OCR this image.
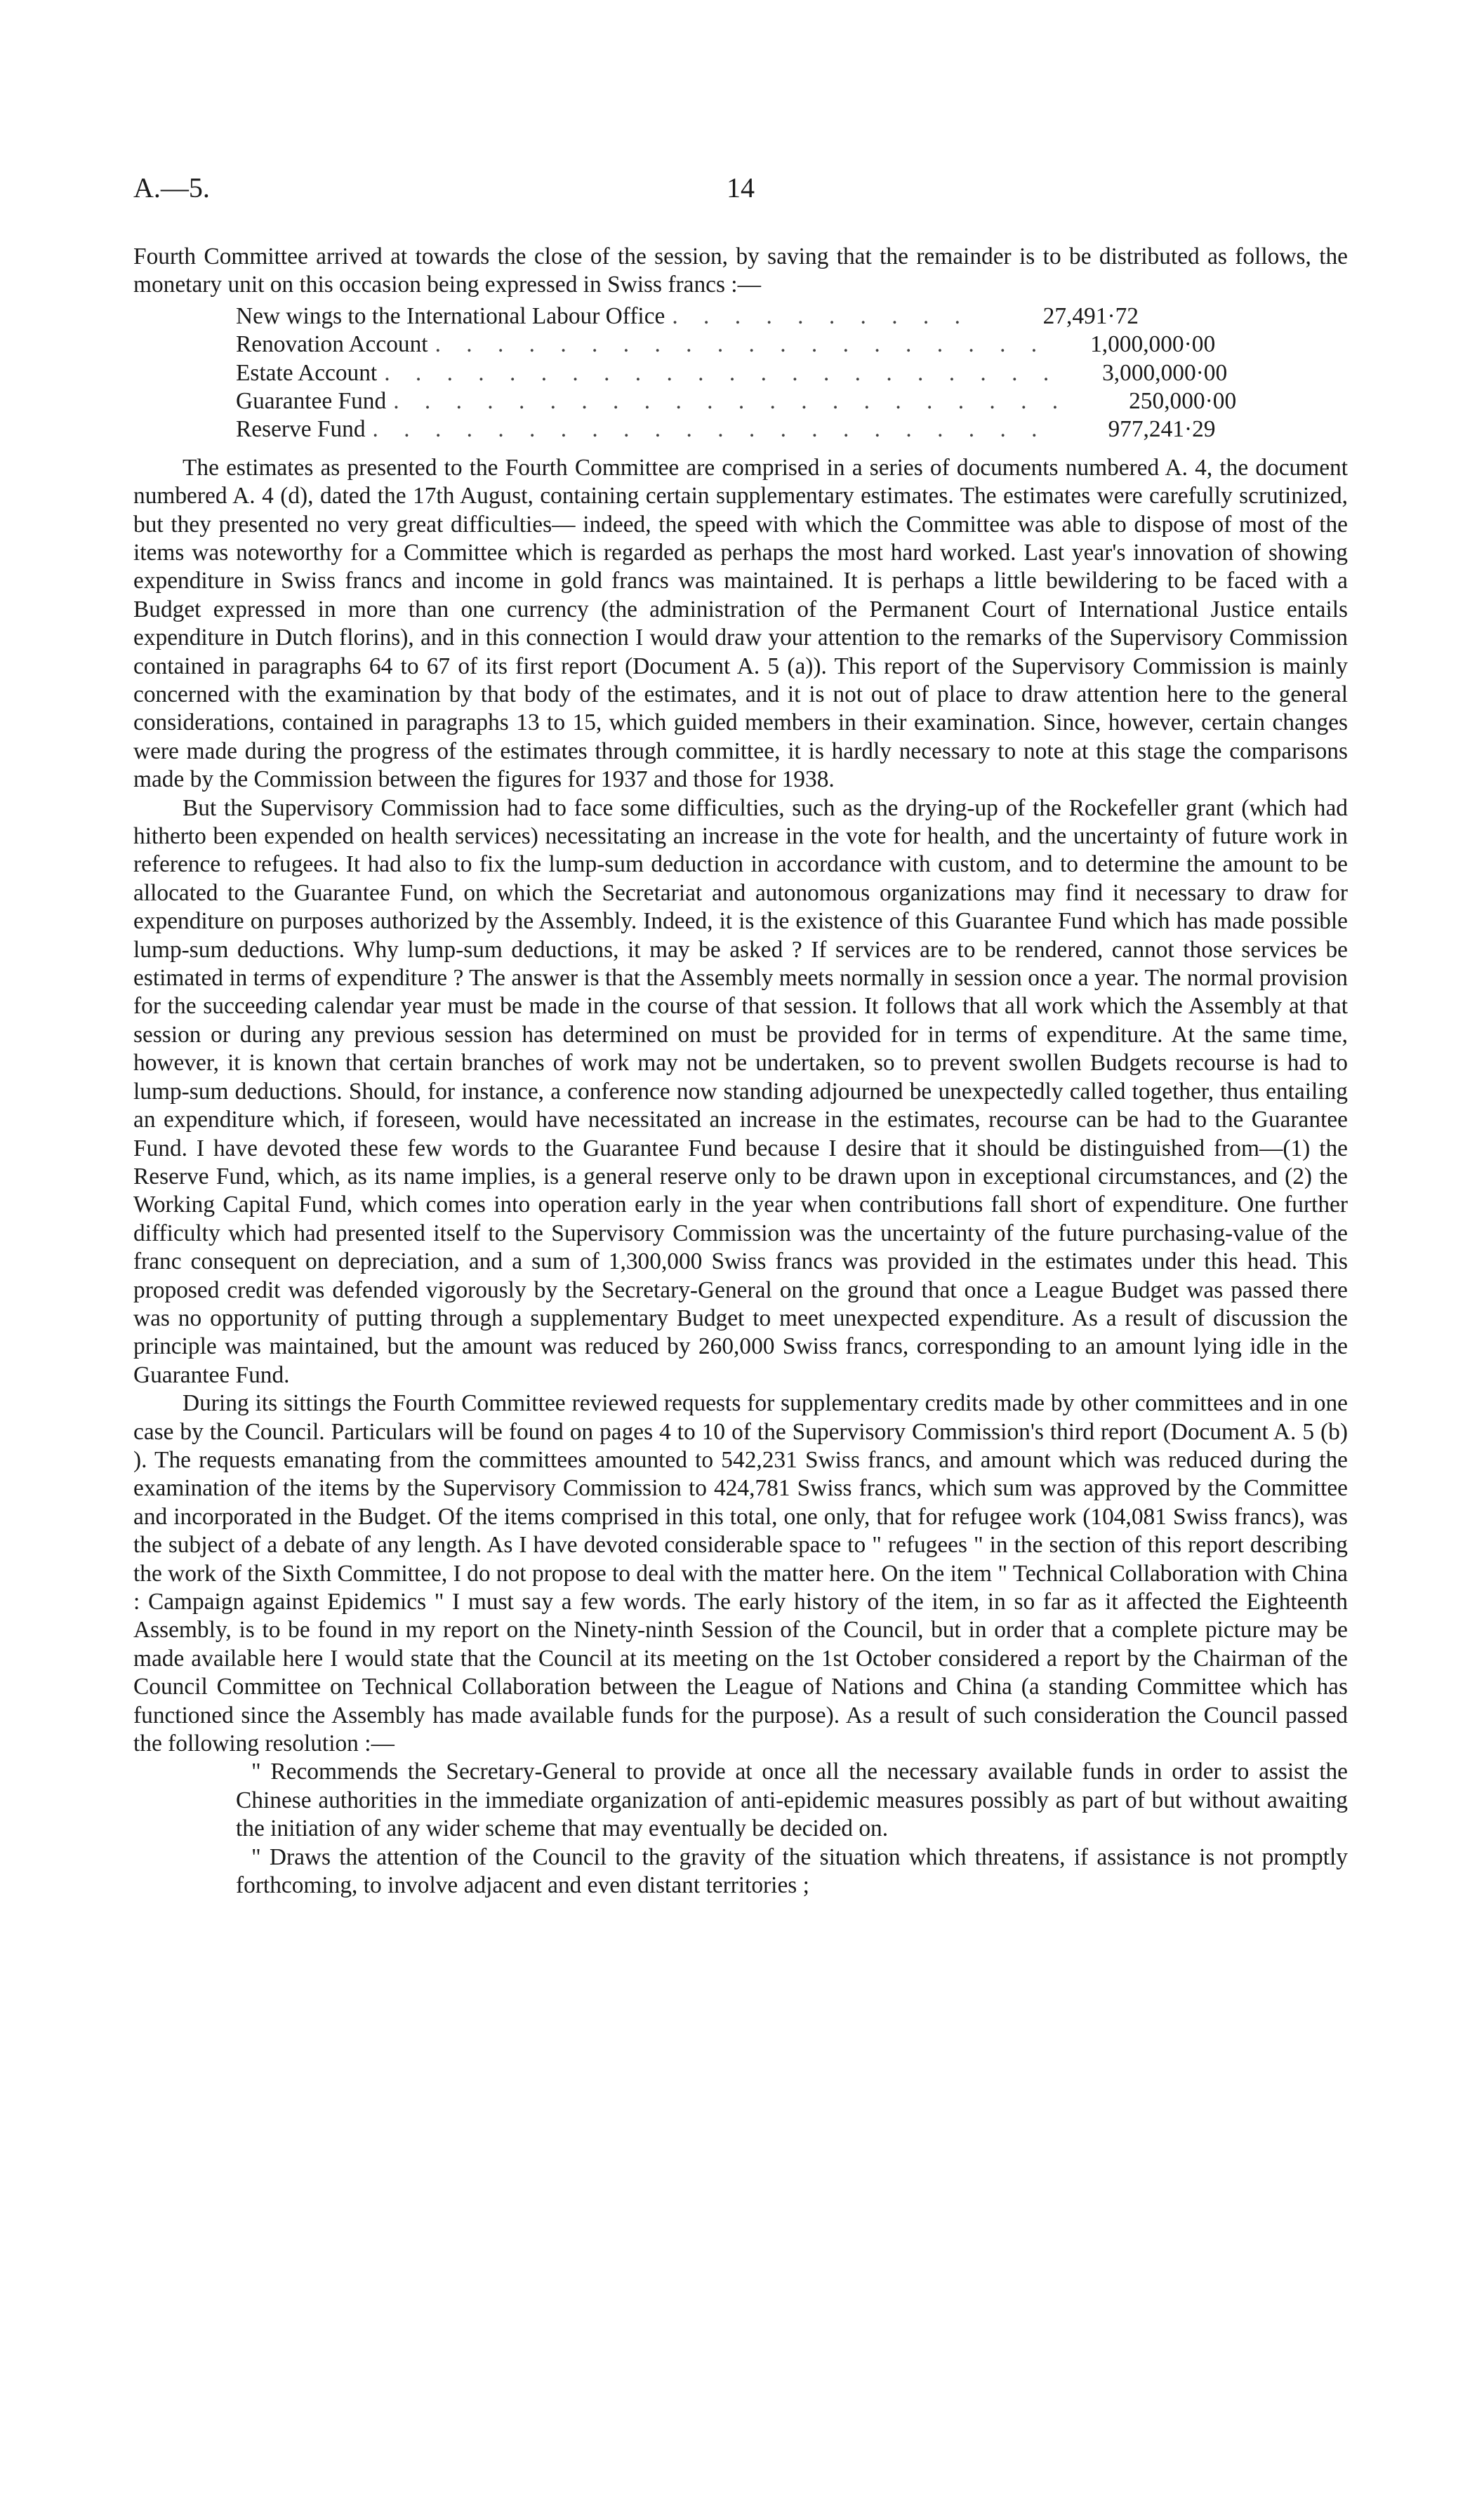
A.—5.	14

Fourth Committee arrived at towards the close of the session, by saving that the remainder is to be distributed as follows, the monetary unit on this occasion being expressed in Swiss francs :—

New wings to the International Labour Office . . . . . . . . . .	27,491·72
Renovation Account . . . . . . . . . . . . . . . . . . . .	1,000,000·00
Estate Account . . . . . . . . . . . . . . . . . . . . . .	3,000,000·00
Guarantee Fund . . . . . . . . . . . . . . . . . . . . . .	250,000·00
Reserve Fund . . . . . . . . . . . . . . . . . . . . . .	977,241·29

The estimates as presented to the Fourth Committee are comprised in a series of documents numbered A. 4, the document numbered A. 4 (d), dated the 17th August, containing certain supplementary estimates. The estimates were carefully scrutinized, but they presented no very great difficulties— indeed, the speed with which the Committee was able to dispose of most of the items was noteworthy for a Committee which is regarded as perhaps the most hard worked. Last year's innovation of showing expenditure in Swiss francs and income in gold francs was maintained. It is perhaps a little bewildering to be faced with a Budget expressed in more than one currency (the administration of the Permanent Court of International Justice entails expenditure in Dutch florins), and in this connection I would draw your attention to the remarks of the Supervisory Commission contained in paragraphs 64 to 67 of its first report (Document A. 5 (a)). This report of the Supervisory Commission is mainly concerned with the examination by that body of the estimates, and it is not out of place to draw attention here to the general considerations, contained in paragraphs 13 to 15, which guided members in their examination. Since, however, certain changes were made during the progress of the estimates through committee, it is hardly necessary to note at this stage the comparisons made by the Commission between the figures for 1937 and those for 1938.

But the Supervisory Commission had to face some difficulties, such as the drying-up of the Rockefeller grant (which had hitherto been expended on health services) necessitating an increase in the vote for health, and the uncertainty of future work in reference to refugees. It had also to fix the lump-sum deduction in accordance with custom, and to determine the amount to be allocated to the Guarantee Fund, on which the Secretariat and autonomous organizations may find it necessary to draw for expenditure on purposes authorized by the Assembly. Indeed, it is the existence of this Guarantee Fund which has made possible lump-sum deductions. Why lump-sum deductions, it may be asked ? If services are to be rendered, cannot those services be estimated in terms of expenditure ? The answer is that the Assembly meets normally in session once a year. The normal provision for the succeeding calendar year must be made in the course of that session. It follows that all work which the Assembly at that session or during any previous session has determined on must be provided for in terms of expenditure. At the same time, however, it is known that certain branches of work may not be undertaken, so to prevent swollen Budgets recourse is had to lump-sum deductions. Should, for instance, a conference now standing adjourned be unexpectedly called together, thus entailing an expenditure which, if foreseen, would have necessitated an increase in the estimates, recourse can be had to the Guarantee Fund. I have devoted these few words to the Guarantee Fund because I desire that it should be distinguished from—(1) the Reserve Fund, which, as its name implies, is a general reserve only to be drawn upon in exceptional circumstances, and (2) the Working Capital Fund, which comes into operation early in the year when contributions fall short of expenditure. One further difficulty which had presented itself to the Supervisory Commission was the uncertainty of the future purchasing-value of the franc consequent on depreciation, and a sum of 1,300,000 Swiss francs was provided in the estimates under this head. This proposed credit was defended vigorously by the Secretary-General on the ground that once a League Budget was passed there was no opportunity of putting through a supplementary Budget to meet unexpected expenditure. As a result of discussion the principle was maintained, but the amount was reduced by 260,000 Swiss francs, corresponding to an amount lying idle in the Guarantee Fund.

During its sittings the Fourth Committee reviewed requests for supplementary credits made by other committees and in one case by the Council. Particulars will be found on pages 4 to 10 of the Supervisory Commission's third report (Document A. 5 (b) ). The requests emanating from the committees amounted to 542,231 Swiss francs, and amount which was reduced during the examination of the items by the Supervisory Commission to 424,781 Swiss francs, which sum was approved by the Committee and incorporated in the Budget. Of the items comprised in this total, one only, that for refugee work (104,081 Swiss francs), was the subject of a debate of any length. As I have devoted considerable space to " refugees " in the section of this report describing the work of the Sixth Committee, I do not propose to deal with the matter here. On the item " Technical Collaboration with China : Campaign against Epidemics " I must say a few words. The early history of the item, in so far as it affected the Eighteenth Assembly, is to be found in my report on the Ninety-ninth Session of the Council, but in order that a complete picture may be made available here I would state that the Council at its meeting on the 1st October considered a report by the Chairman of the Council Committee on Technical Collaboration between the League of Nations and China (a standing Committee which has functioned since the Assembly has made available funds for the purpose). As a result of such consideration the Council passed the following resolution :—

" Recommends the Secretary-General to provide at once all the necessary available funds in order to assist the Chinese authorities in the immediate organization of anti-epidemic measures possibly as part of but without awaiting the initiation of any wider scheme that may eventually be decided on.

" Draws the attention of the Council to the gravity of the situation which threatens, if assistance is not promptly forthcoming, to involve adjacent and even distant territories ;
